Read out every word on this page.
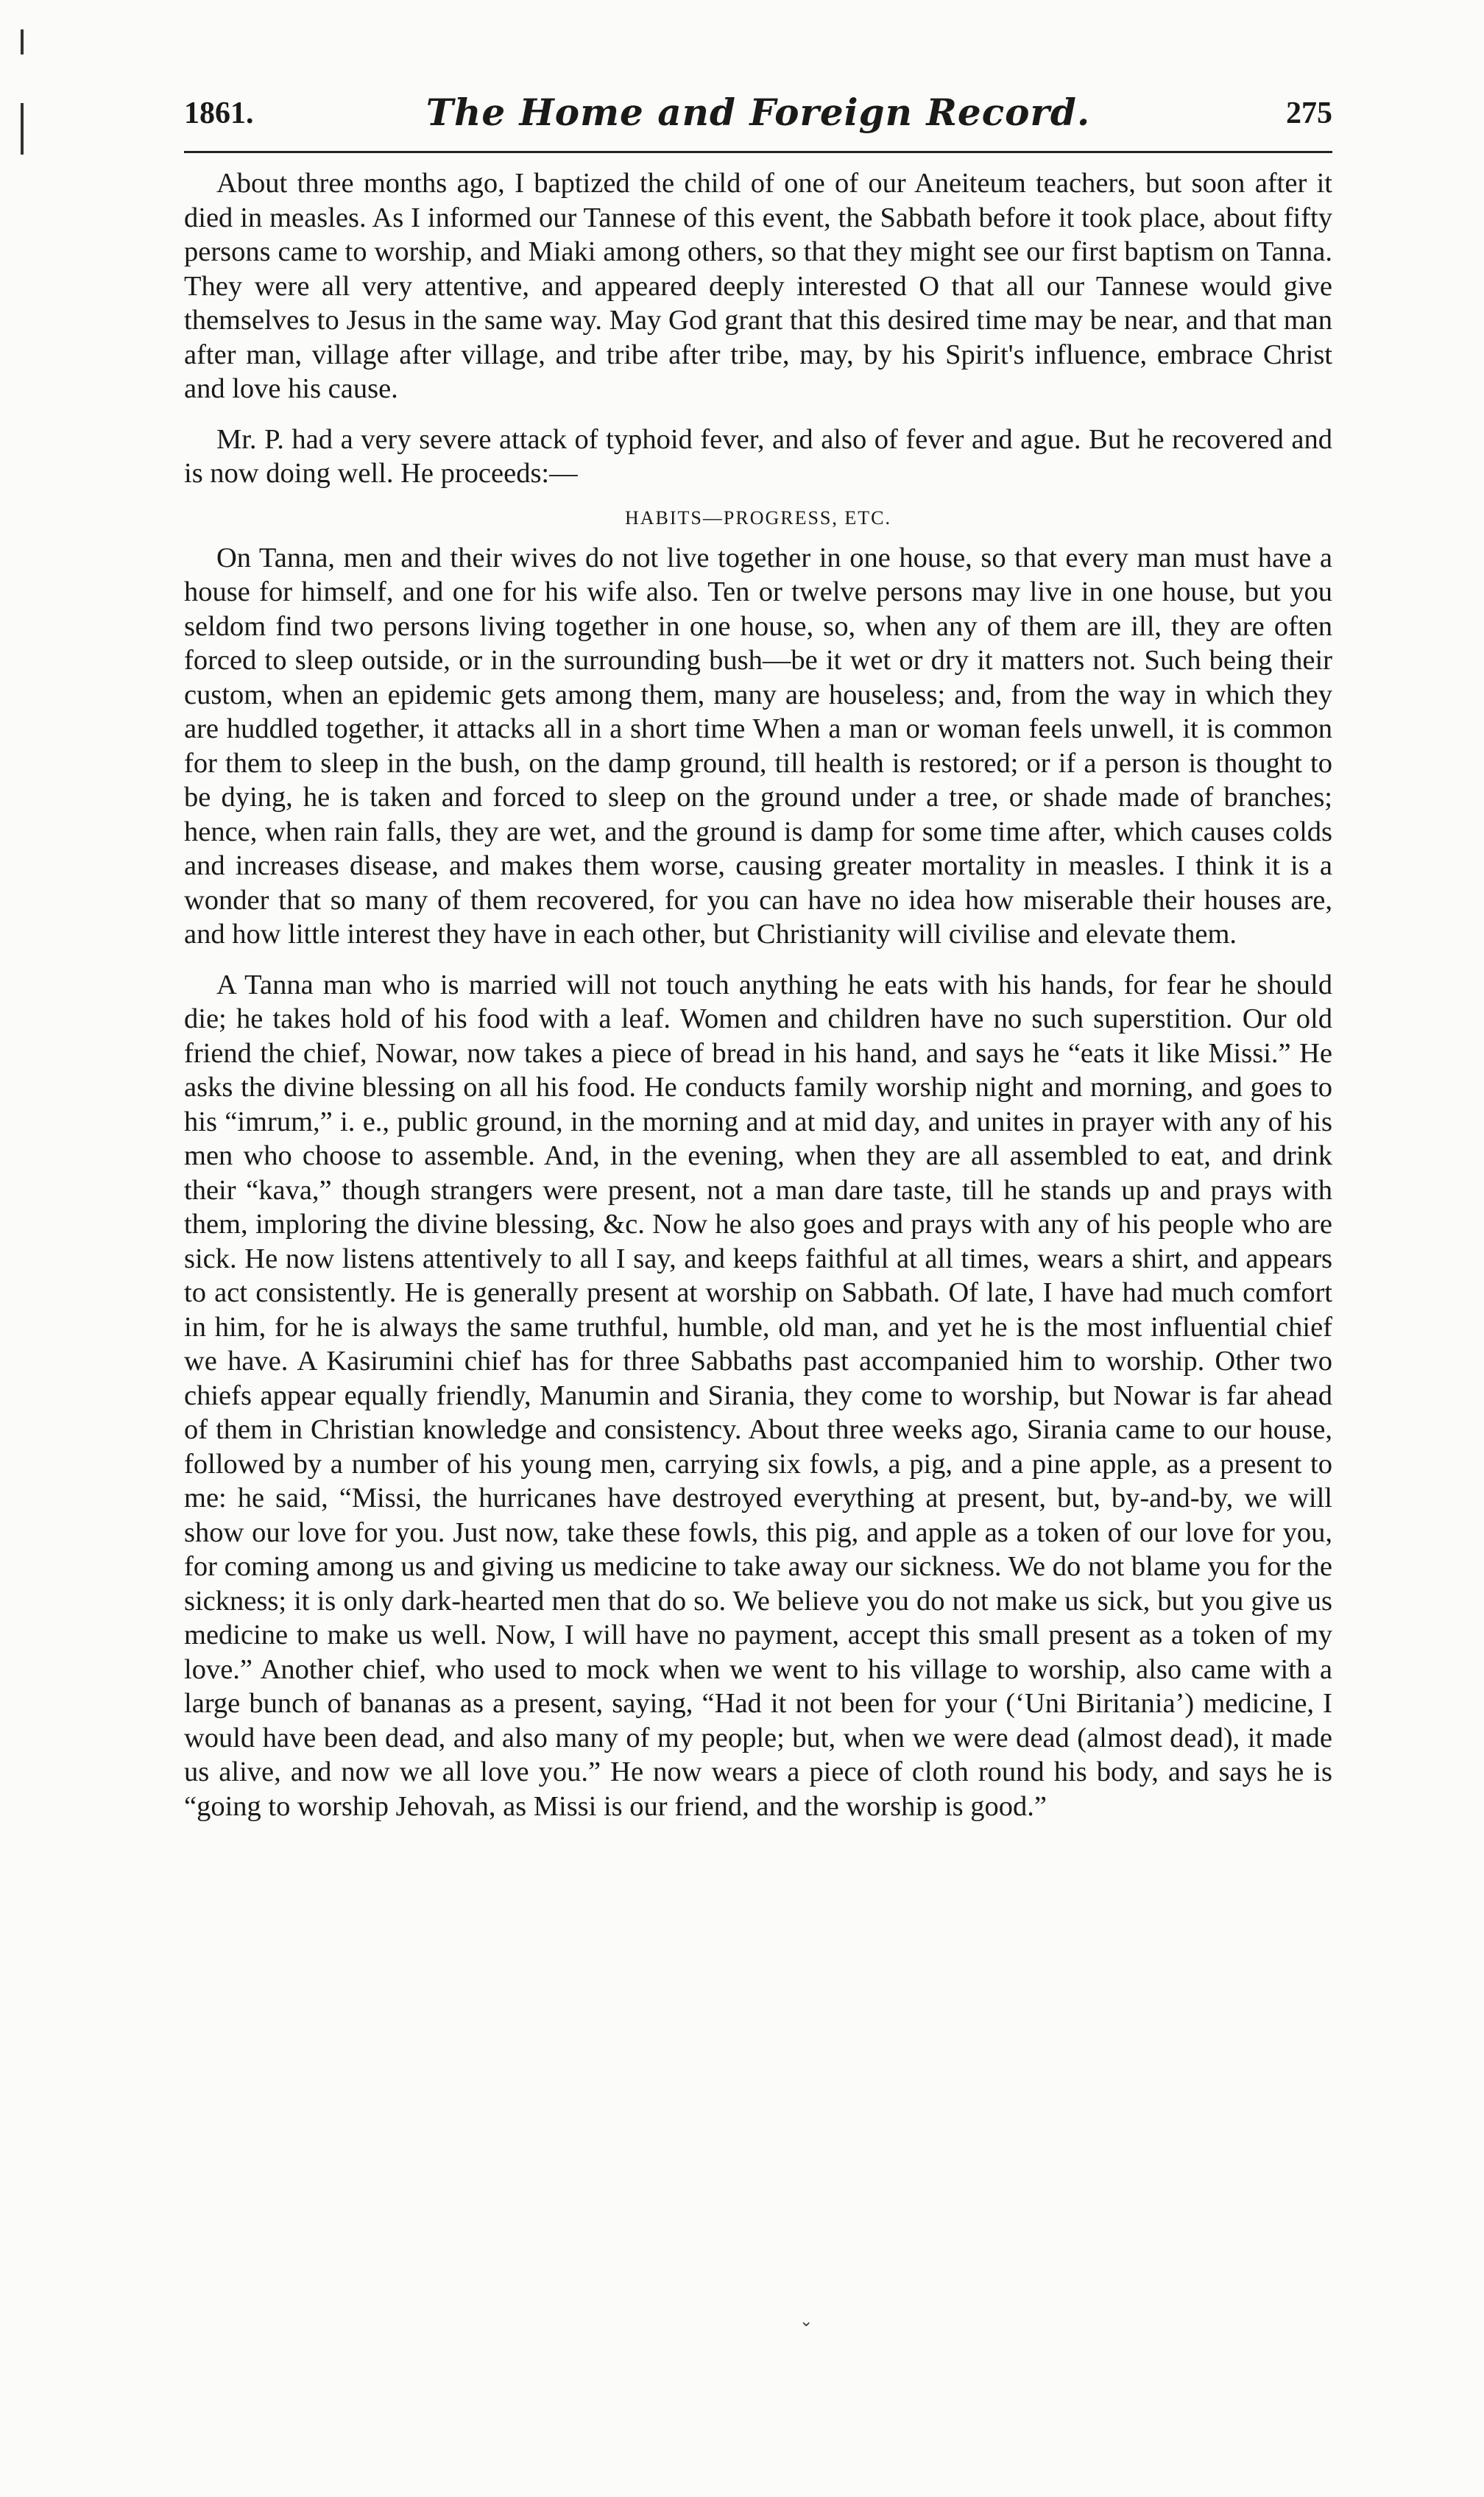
1861.	The Home and Foreign Record.	275

About three months ago, I baptized the child of one of our Aneiteum teachers, but soon after it died in measles. As I informed our Tannese of this event, the Sabbath before it took place, about fifty persons came to worship, and Miaki among others, so that they might see our first baptism on Tanna. They were all very attentive, and appeared deeply interested O that all our Tannese would give themselves to Jesus in the same way. May God grant that this desired time may be near, and that man after man, village after village, and tribe after tribe, may, by his Spirit's influence, embrace Christ and love his cause.

Mr. P. had a very severe attack of typhoid fever, and also of fever and ague. But he recovered and is now doing well. He proceeds:—

HABITS—PROGRESS, ETC.

On Tanna, men and their wives do not live together in one house, so that every man must have a house for himself, and one for his wife also. Ten or twelve persons may live in one house, but you seldom find two persons living together in one house, so, when any of them are ill, they are often forced to sleep outside, or in the surrounding bush—be it wet or dry it matters not. Such being their custom, when an epidemic gets among them, many are houseless; and, from the way in which they are huddled together, it attacks all in a short time When a man or woman feels unwell, it is common for them to sleep in the bush, on the damp ground, till health is restored; or if a person is thought to be dying, he is taken and forced to sleep on the ground under a tree, or shade made of branches; hence, when rain falls, they are wet, and the ground is damp for some time after, which causes colds and increases disease, and makes them worse, causing greater mortality in measles. I think it is a wonder that so many of them recovered, for you can have no idea how miserable their houses are, and how little interest they have in each other, but Christianity will civilise and elevate them.

A Tanna man who is married will not touch anything he eats with his hands, for fear he should die; he takes hold of his food with a leaf. Women and children have no such superstition. Our old friend the chief, Nowar, now takes a piece of bread in his hand, and says he “eats it like Missi.” He asks the divine blessing on all his food. He conducts family worship night and morning, and goes to his “imrum,” i. e., public ground, in the morning and at mid day, and unites in prayer with any of his men who choose to assemble. And, in the evening, when they are all assembled to eat, and drink their “kava,” though strangers were present, not a man dare taste, till he stands up and prays with them, imploring the divine blessing, &c. Now he also goes and prays with any of his people who are sick. He now listens attentively to all I say, and keeps faithful at all times, wears a shirt, and appears to act consistently. He is generally present at worship on Sabbath. Of late, I have had much comfort in him, for he is always the same truthful, humble, old man, and yet he is the most influential chief we have. A Kasirumini chief has for three Sabbaths past accompanied him to worship. Other two chiefs appear equally friendly, Manumin and Sirania, they come to worship, but Nowar is far ahead of them in Christian knowledge and consistency. About three weeks ago, Sirania came to our house, followed by a number of his young men, carrying six fowls, a pig, and a pine apple, as a present to me: he said, “Missi, the hurricanes have destroyed everything at present, but, by-and-by, we will show our love for you. Just now, take these fowls, this pig, and apple as a token of our love for you, for coming among us and giving us medicine to take away our sickness. We do not blame you for the sickness; it is only dark-hearted men that do so. We believe you do not make us sick, but you give us medicine to make us well. Now, I will have no payment, accept this small present as a token of my love.” Another chief, who used to mock when we went to his village to worship, also came with a large bunch of bananas as a present, saying, “Had it not been for your (‘Uni Biritania’) medicine, I would have been dead, and also many of my people; but, when we were dead (almost dead), it made us alive, and now we all love you.” He now wears a piece of cloth round his body, and says he is “going to worship Jehovah, as Missi is our friend, and the worship is good.”

⌄
